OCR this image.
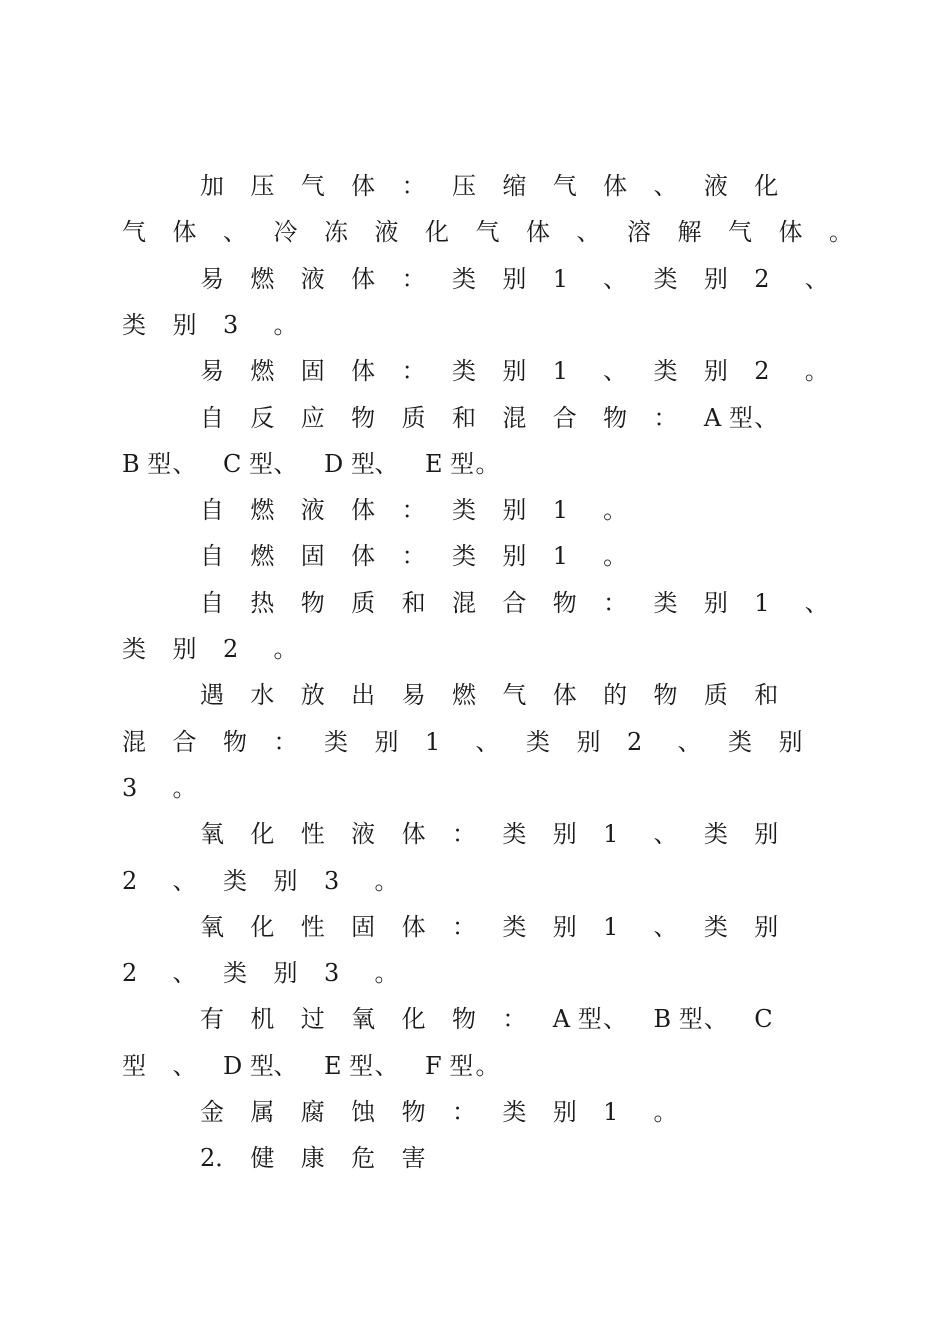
加	压	气	体	：	压	缩	气	体	、	液	化
气	体	、	冷	冻	液	化	气	体	、	溶	解	气	体	。
易	燃	液	体	：	类	别	1	、	类	别	2	、
类	别	3	。
易	燃	固	体	：	类	别	1	、	类	别	2	。
自	反	应	物	质	和	混	合	物	：	A 型 、
B 型 、	C 型 、	D 型 、	E 型 。
自	燃	液	体	：	类	别	1	。
自	燃	固	体	：	类	别	1	。
自	热	物	质	和	混	合	物	：	类	别	1	、
类	别	2	。
遇	水	放	出	易	燃	气	体	的	物	质	和
混	合	物	：	类	别	1	、	类	别	2	、	类	别
3	。
氧	化	性	液	体	：	类	别	1	、	类	别
2	、	类	别	3	。
氧	化	性	固	体	：	类	别	1	、	类	别
2	、	类	别	3	。
有	机	过	氧	化	物	：	A 型 、	B 型 、	C
型	、	D 型 、	E 型 、	F 型 。
金	属	腐	蚀	物	：	类	别	1	。
2． 健	康	危	害
